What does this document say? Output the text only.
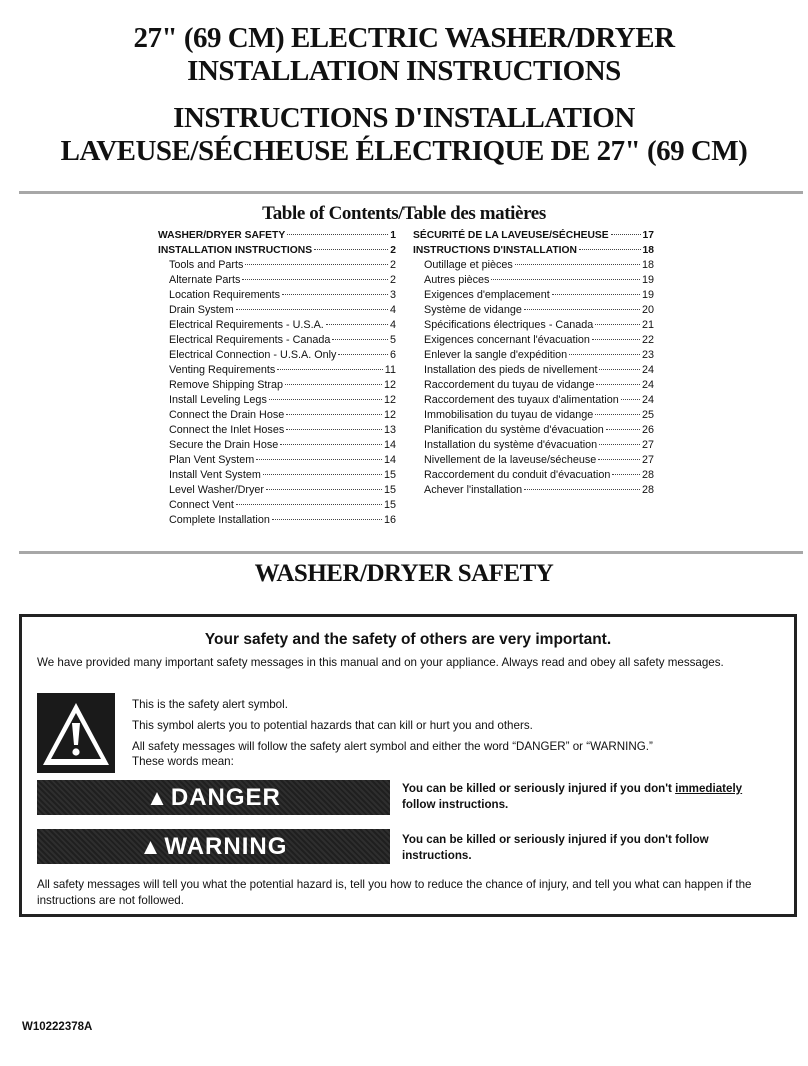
27" (69 CM) ELECTRIC WASHER/DRYER
INSTALLATION INSTRUCTIONS
INSTRUCTIONS D'INSTALLATION
LAVEUSE/SÉCHEUSE ÉLECTRIQUE DE 27" (69 CM)
Table of Contents/Table des matières
WASHER/DRYER SAFETY	1
INSTALLATION INSTRUCTIONS	2
Tools and Parts	2
Alternate Parts	2
Location Requirements	3
Drain System	4
Electrical Requirements - U.S.A.	4
Electrical Requirements - Canada	5
Electrical Connection - U.S.A. Only	6
Venting Requirements	11
Remove Shipping Strap	12
Install Leveling Legs	12
Connect the Drain Hose	12
Connect the Inlet Hoses	13
Secure the Drain Hose	14
Plan Vent System	14
Install Vent System	15
Level Washer/Dryer	15
Connect Vent	15
Complete Installation	16
SÉCURITÉ DE LA LAVEUSE/SÉCHEUSE	17
INSTRUCTIONS D'INSTALLATION	18
Outillage et pièces	18
Autres pièces	19
Exigences d'emplacement	19
Système de vidange	20
Spécifications électriques - Canada	21
Exigences concernant l'évacuation	22
Enlever la sangle d'expédition	23
Installation des pieds de nivellement	24
Raccordement du tuyau de vidange	24
Raccordement des tuyaux d'alimentation 24
Immobilisation du tuyau de vidange	25
Planification du système d'évacuation	26
Installation du système d'évacuation	27
Nivellement de la laveuse/sécheuse	27
Raccordement du conduit d'évacuation	28
Achever l'installation	28
WASHER/DRYER SAFETY
Your safety and the safety of others are very important.
We have provided many important safety messages in this manual and on your appliance. Always read and obey all safety messages.
This is the safety alert symbol.
This symbol alerts you to potential hazards that can kill or hurt you and others.
All safety messages will follow the safety alert symbol and either the word “DANGER” or “WARNING.”
These words mean:
▲ DANGER	You can be killed or seriously injured if you don't immediately
follow instructions.
▲ WARNING	You can be killed or seriously injured if you don't follow instructions.
All safety messages will tell you what the potential hazard is, tell you how to reduce the chance of injury, and tell you what can happen if the instructions are not followed.
W10222378A
